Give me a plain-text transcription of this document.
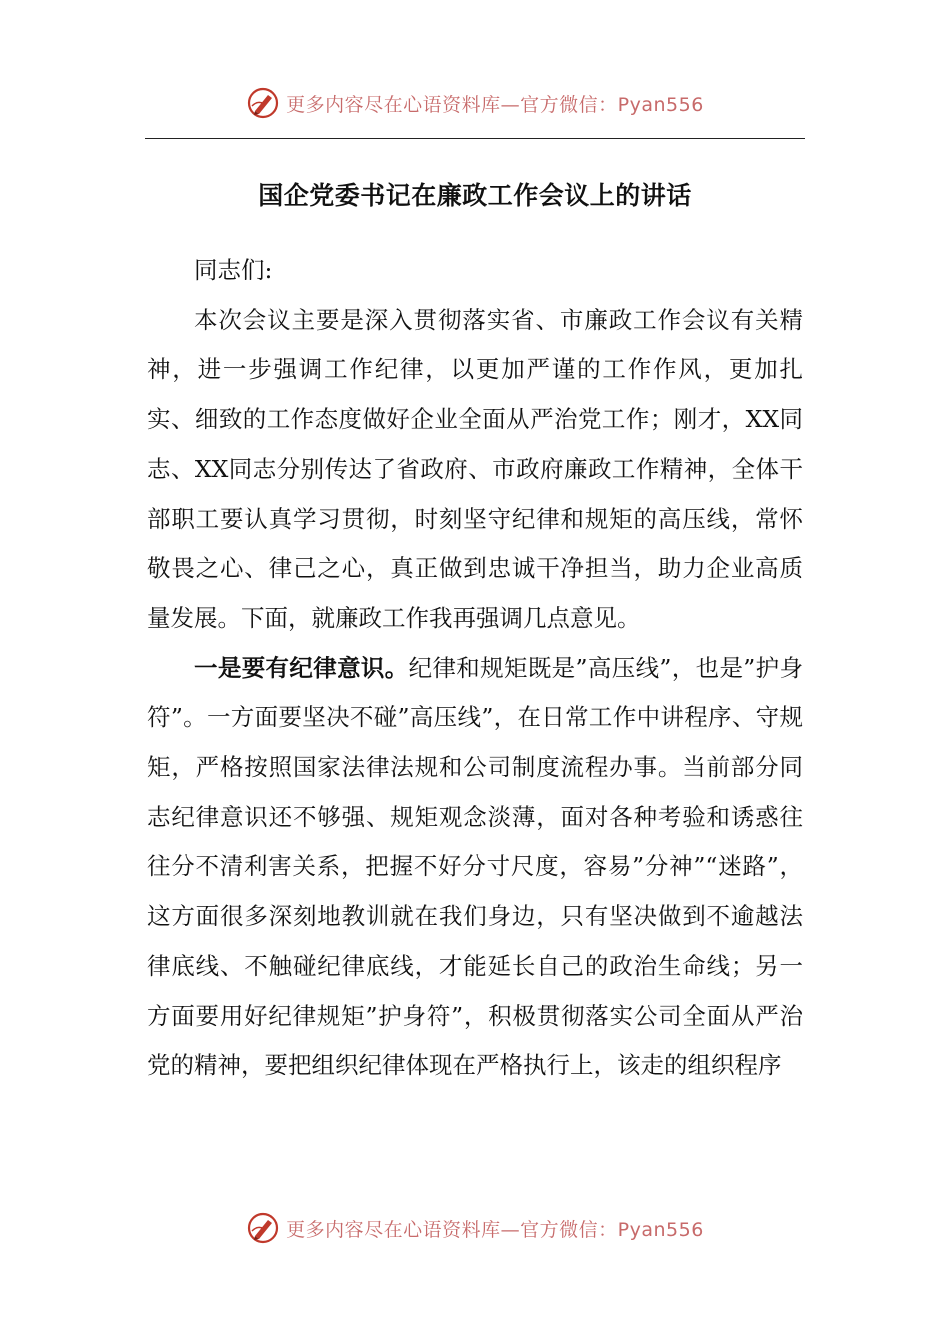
更多内容尽在心语资料库—官方微信：Pyan556
国企党委书记在廉政工作会议上的讲话

同志们:

本次会议主要是深入贯彻落实省、市廉政工作会议有关精神，进一步强调工作纪律，以更加严谨的工作作风，更加扎实、细致的工作态度做好企业全面从严治党工作；刚才，XX同志、XX同志分别传达了省政府、市政府廉政工作精神，全体干部职工要认真学习贯彻，时刻坚守纪律和规矩的高压线，常怀敬畏之心、律己之心，真正做到忠诚干净担当，助力企业高质量发展。下面，就廉政工作我再强调几点意见。

一是要有纪律意识。纪律和规矩既是”高压线”，也是”护身符”。一方面要坚决不碰”高压线”，在日常工作中讲程序、守规矩，严格按照国家法律法规和公司制度流程办事。当前部分同志纪律意识还不够强、规矩观念淡薄，面对各种考验和诱惑往往分不清利害关系，把握不好分寸尺度，容易”分神”“迷路”，这方面很多深刻地教训就在我们身边，只有坚决做到不逾越法律底线、不触碰纪律底线，才能延长自己的政治生命线；另一方面要用好纪律规矩”护身符”，积极贯彻落实公司全面从严治党的精神，要把组织纪律体现在严格执行上，该走的组织程序

更多内容尽在心语资料库—官方微信：Pyan556
